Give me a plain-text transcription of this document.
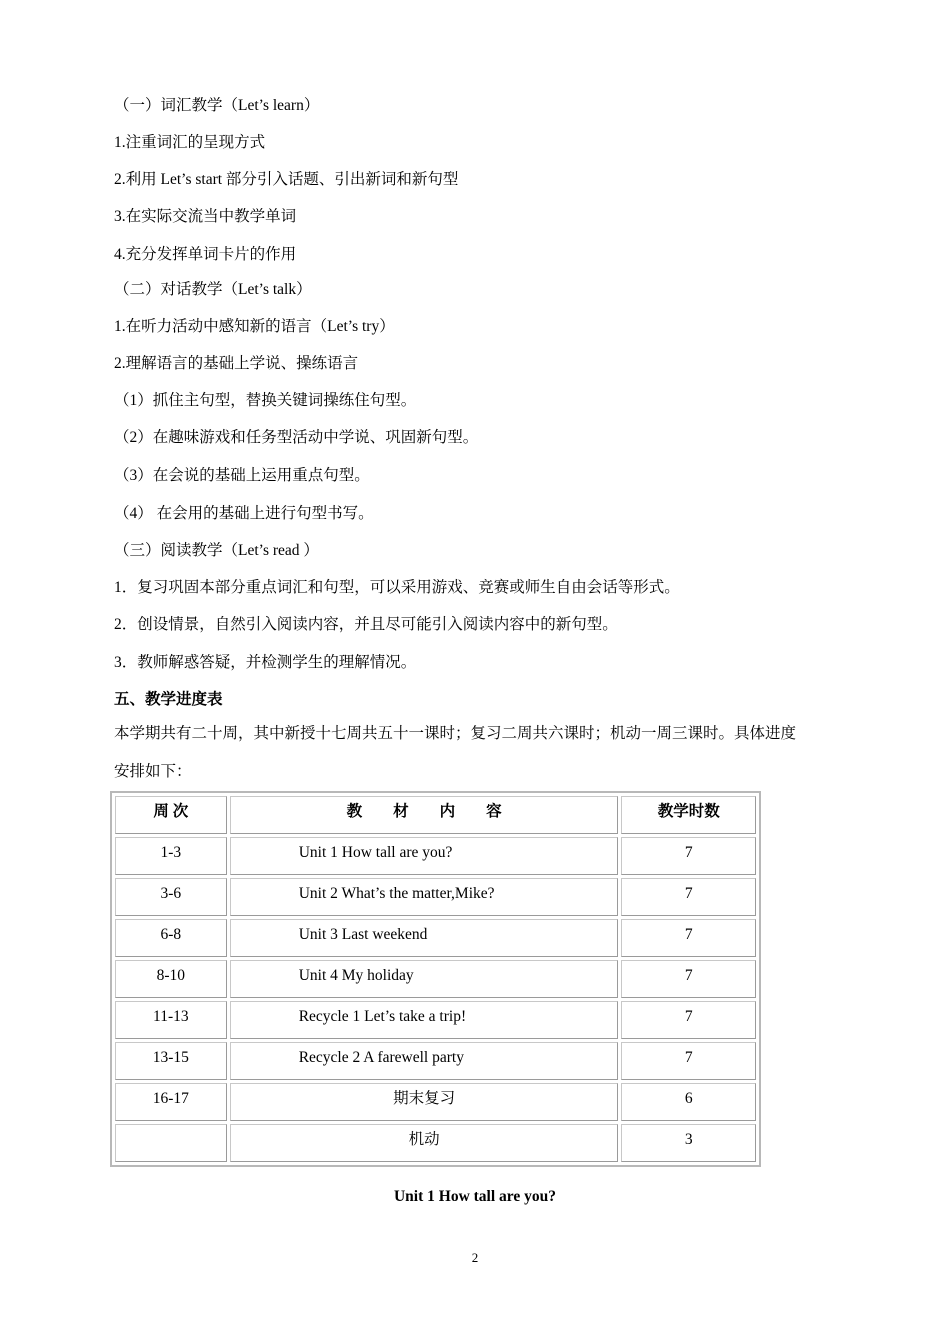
（一）词汇教学（Let’s learn）
1.注重词汇的呈现方式
2.利用 Let’s start 部分引入话题、引出新词和新句型
3.在实际交流当中教学单词
4.充分发挥单词卡片的作用
（二）对话教学（Let’s talk）
1.在听力活动中感知新的语言（Let’s try）
2.理解语言的基础上学说、操练语言
（1）抓住主句型，替换关键词操练住句型。
（2）在趣味游戏和任务型活动中学说、巩固新句型。
（3）在会说的基础上运用重点句型。
（4） 在会用的基础上进行句型书写。
（三）阅读教学（Let’s read ）
1．复习巩固本部分重点词汇和句型，可以采用游戏、竞赛或师生自由会话等形式。
2．创设情景，自然引入阅读内容，并且尽可能引入阅读内容中的新句型。
3．教师解惑答疑，并检测学生的理解情况。
五、教学进度表
本学期共有二十周，其中新授十七周共五十一课时；复习二周共六课时；机动一周三课时。具体进度
安排如下：
周 次	教　　材　　内　　容	教学时数
1-3	Unit 1 How tall are you?	7
3-6	Unit 2 What’s the matter,Mike?	7
6-8	Unit 3 Last weekend	7
8-10	Unit 4 My holiday	7
11-13	Recycle 1 Let’s take a trip!	7
13-15	Recycle 2 A farewell party	7
16-17	期末复习	6
	机动	3
Unit 1 How tall are you?
2
